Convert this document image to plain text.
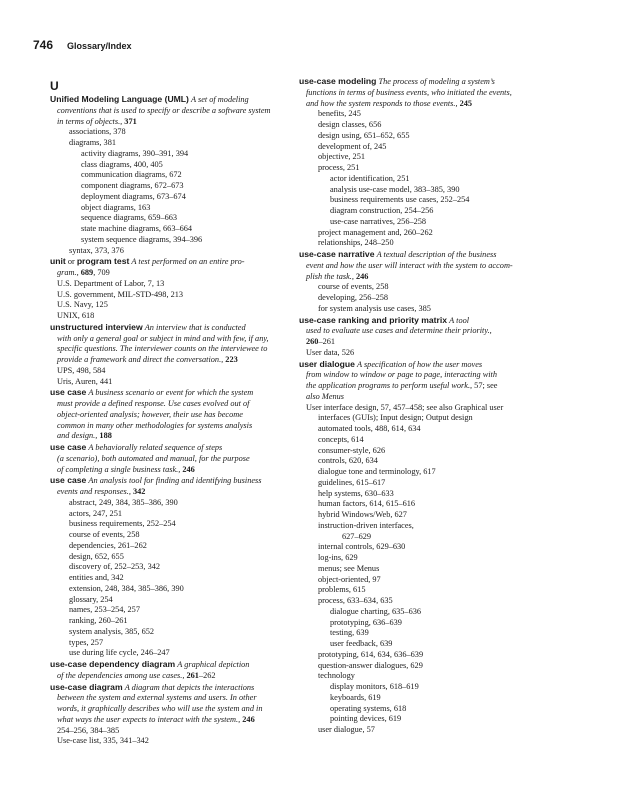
746 Glossary/Index
U
Unified Modeling Language (UML) A set of modeling
conventions that is used to specify or describe a software system
in terms of objects., 371
associations, 378
diagrams, 381
activity diagrams, 390–391, 394
class diagrams, 400, 405
communication diagrams, 672
component diagrams, 672–673
deployment diagrams, 673–674
object diagrams, 163
sequence diagrams, 659–663
state machine diagrams, 663–664
system sequence diagrams, 394–396
syntax, 373, 376
unit or program test A test performed on an entire pro-
gram., 689, 709
U.S. Department of Labor, 7, 13
U.S. government, MIL-STD-498, 213
U.S. Navy, 125
UNIX, 618
unstructured interview An interview that is conducted
with only a general goal or subject in mind and with few, if any,
specific questions. The interviewer counts on the interviewee to
provide a framework and direct the conversation., 223
UPS, 498, 584
Uris, Auren, 441
use case A business scenario or event for which the system
must provide a defined response. Use cases evolved out of
object-oriented analysis; however, their use has become
common in many other methodologies for systems analysis
and design., 188
use case A behaviorally related sequence of steps
(a scenario), both automated and manual, for the purpose
of completing a single business task., 246
use case An analysis tool for finding and identifying business
events and responses., 342
abstract, 249, 384, 385–386, 390
actors, 247, 251
business requirements, 252–254
course of events, 258
dependencies, 261–262
design, 652, 655
discovery of, 252–253, 342
entities and, 342
extension, 248, 384, 385–386, 390
glossary, 254
names, 253–254, 257
ranking, 260–261
system analysis, 385, 652
types, 257
use during life cycle, 246–247
use-case dependency diagram A graphical depiction
of the dependencies among use cases., 261–262
use-case diagram A diagram that depicts the interactions
between the system and external systems and users. In other
words, it graphically describes who will use the system and in
what ways the user expects to interact with the system., 246
254–256, 384–385
Use-case list, 335, 341–342
use-case modeling The process of modeling a system’s
functions in terms of business events, who initiated the events,
and how the system responds to those events., 245
benefits, 245
design classes, 656
design using, 651–652, 655
development of, 245
objective, 251
process, 251
actor identification, 251
analysis use-case model, 383–385, 390
business requirements use cases, 252–254
diagram construction, 254–256
use-case narratives, 256–258
project management and, 260–262
relationships, 248–250
use-case narrative A textual description of the business
event and how the user will interact with the system to accom-
plish the task., 246
course of events, 258
developing, 256–258
for system analysis use cases, 385
use-case ranking and priority matrix A tool
used to evaluate use cases and determine their priority.,
260–261
User data, 526
user dialogue A specification of how the user moves
from window to window or page to page, interacting with
the application programs to perform useful work., 57; see
also Menus
User interface design, 57, 457–458; see also Graphical user
interfaces (GUIs); Input design; Output design
automated tools, 488, 614, 634
concepts, 614
consumer-style, 626
controls, 620, 634
dialogue tone and terminology, 617
guidelines, 615–617
help systems, 630–633
human factors, 614, 615–616
hybrid Windows/Web, 627
instruction-driven interfaces,
627–629
internal controls, 629–630
log-ins, 629
menus; see Menus
object-oriented, 97
problems, 615
process, 633–634, 635
dialogue charting, 635–636
prototyping, 636–639
testing, 639
user feedback, 639
prototyping, 614, 634, 636–639
question-answer dialogues, 629
technology
display monitors, 618–619
keyboards, 619
operating systems, 618
pointing devices, 619
user dialogue, 57
